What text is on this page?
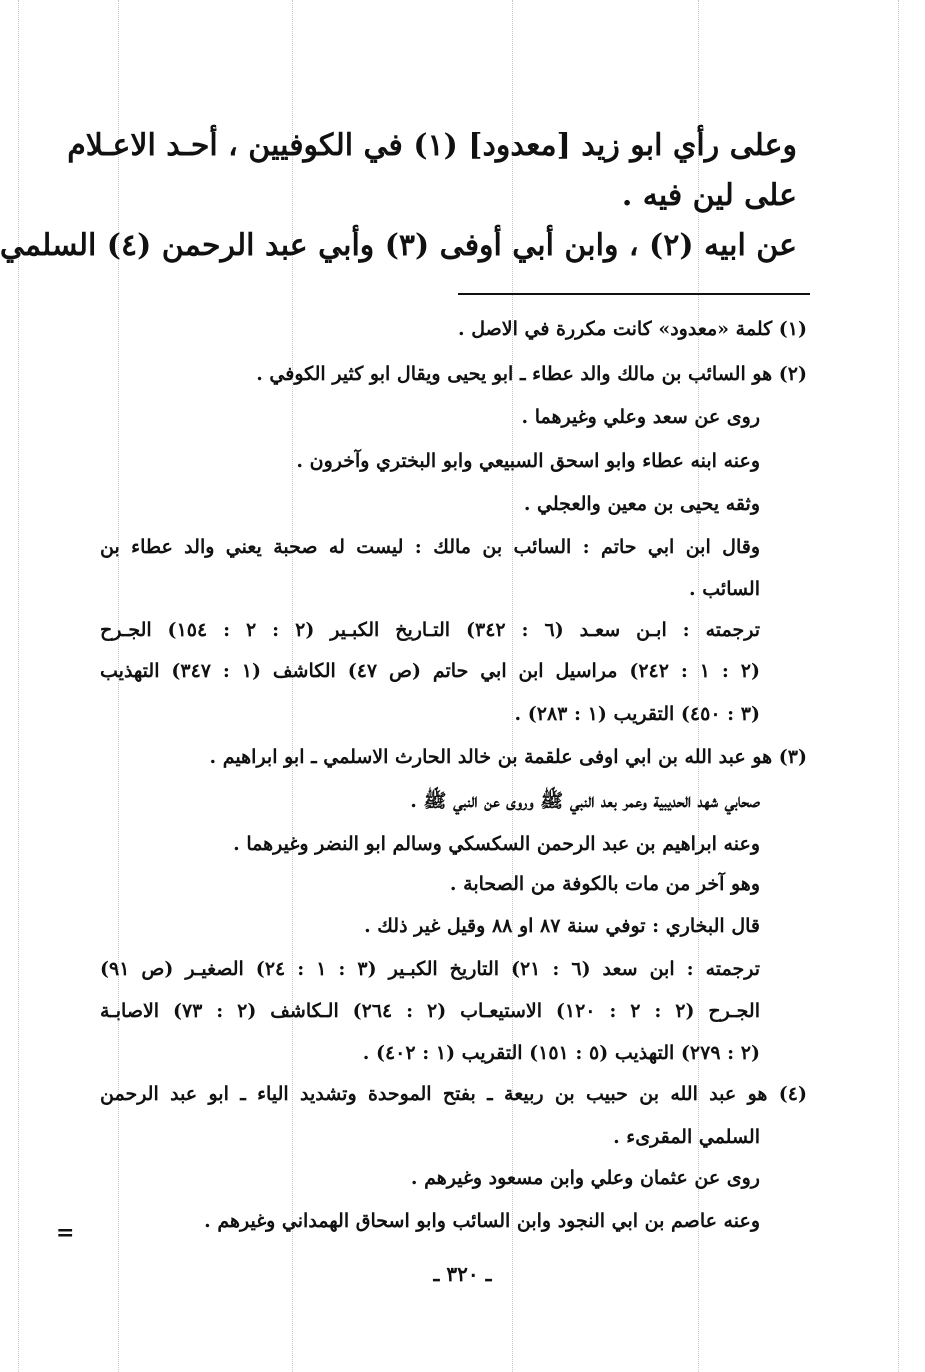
وعلى رأي ابو زيد [معدود] (١) في الكوفيين ، أحـد الاعـلام
على لين فيه .
عن ابيه (٢) ، وابن أبي أوفى (٣) وأبي عبد الرحمن (٤) السلمي
(١) كلمة «معدود» كانت مكررة في الاصل .
(٢) هو السائب بن مالك والد عطاء ـ ابو يحيى ويقال ابو كثير الكوفي .
روى عن سعد وعلي وغيرهما .
وعنه ابنه عطاء وابو اسحق السبيعي وابو البختري وآخرون .
وثقه يحيى بن معين والعجلي .
وقال ابن ابي حاتم : السائب بن مالك : ليست له صحبة يعني والد عطاء بن
السائب .
ترجمته : ابـن سعـد (٦ : ٣٤٢) التـاريخ الكبـير (٢ : ٢ : ١٥٤) الجـرح
(٢ : ١ : ٢٤٢) مراسيل ابن ابي حاتم (ص ٤٧) الكاشف (١ : ٣٤٧) التهذيب
(٣ : ٤٥٠) التقريب (١ : ٢٨٣) .
(٣) هو عبد الله بن ابي اوفى علقمة بن خالد الحارث الاسلمي ـ ابو ابراهيم .
صحابي شهد الحديبية وعمر بعد النبي ﷺ وروى عن النبي ﷺ .
وعنه ابراهيم بن عبد الرحمن السكسكي وسالم ابو النضر وغيرهما .
وهو آخر من مات بالكوفة من الصحابة .
قال البخاري : توفي سنة ٨٧ او ٨٨ وقيل غير ذلك .
ترجمته : ابن سعد (٦ : ٢١) التاريخ الكبـير (٣ : ١ : ٢٤) الصغيـر (ص ٩١)
الجـرح (٢ : ٢ : ١٢٠) الاستيعـاب (٢ : ٢٦٤) الـكاشف (٢ : ٧٣) الاصابـة
(٢ : ٢٧٩) التهذيب (٥ : ١٥١) التقريب (١ : ٤٠٢) .
(٤) هو عبد الله بن حبيب بن ربيعة ـ بفتح الموحدة وتشديد الياء ـ ابو عبد الرحمن
السلمي المقرىء .
روى عن عثمان وعلي وابن مسعود وغيرهم .
وعنه عاصم بن ابي النجود وابن السائب وابو اسحاق الهمداني وغيرهم .
=
ـ ٣٢٠ ـ
